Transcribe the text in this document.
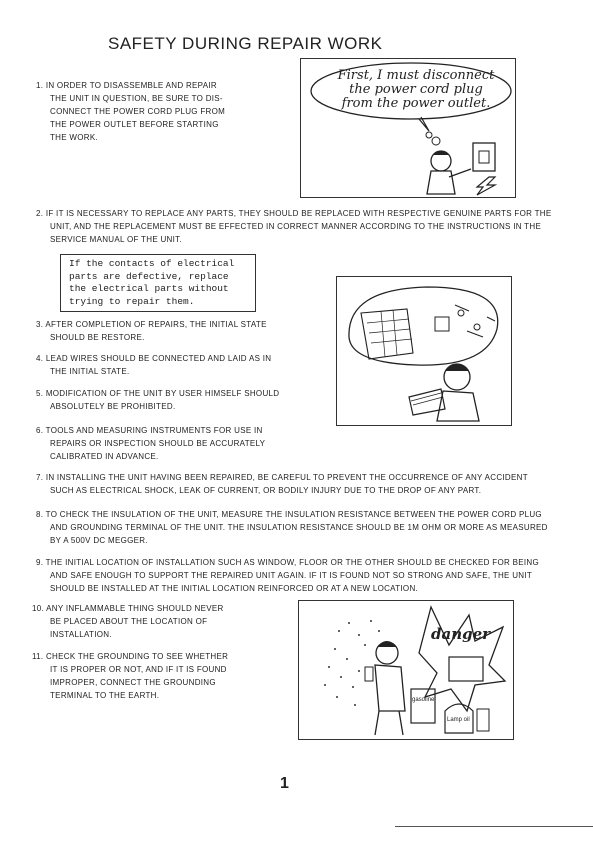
SAFETY DURING REPAIR WORK
1. IN ORDER TO DISASSEMBLE AND REPAIR
THE UNIT IN QUESTION, BE SURE TO DIS-
CONNECT THE POWER CORD PLUG FROM
THE POWER OUTLET BEFORE STARTING
THE WORK.
First, I must disconnect
the power cord plug
from the power outlet.
2. IF IT IS NECESSARY TO REPLACE ANY PARTS, THEY SHOULD BE REPLACED WITH RESPECTIVE GENUINE PARTS FOR THE
UNIT, AND THE REPLACEMENT MUST BE EFFECTED IN CORRECT MANNER ACCORDING TO THE INSTRUCTIONS IN THE
SERVICE MANUAL OF THE UNIT.
If the contacts of electrical
parts are defective, replace
the electrical parts without
trying to repair them.
3. AFTER COMPLETION OF REPAIRS, THE INITIAL STATE
SHOULD BE RESTORE.
4. LEAD WIRES SHOULD BE CONNECTED AND LAID AS IN
THE INITIAL STATE.
5. MODIFICATION OF THE UNIT BY USER HIMSELF SHOULD
ABSOLUTELY BE PROHIBITED.
6. TOOLS AND MEASURING INSTRUMENTS FOR USE IN
REPAIRS OR INSPECTION SHOULD BE ACCURATELY
CALIBRATED IN ADVANCE.
7. IN INSTALLING THE UNIT HAVING BEEN REPAIRED, BE CAREFUL TO PREVENT THE OCCURRENCE OF ANY ACCIDENT
SUCH AS ELECTRICAL SHOCK, LEAK OF CURRENT, OR BODILY INJURY DUE TO THE DROP OF ANY PART.
8. TO CHECK THE INSULATION OF THE UNIT, MEASURE THE INSULATION RESISTANCE BETWEEN THE POWER CORD PLUG
AND GROUNDING TERMINAL OF THE UNIT. THE INSULATION RESISTANCE SHOULD BE 1M OHM OR MORE AS MEASURED
BY A 500V DC MEGGER.
9. THE INITIAL LOCATION OF INSTALLATION SUCH AS WINDOW, FLOOR OR THE OTHER SHOULD BE CHECKED FOR BEING
AND SAFE ENOUGH TO SUPPORT THE REPAIRED UNIT AGAIN. IF IT IS FOUND NOT SO STRONG AND SAFE, THE UNIT
SHOULD BE INSTALLED AT THE INITIAL LOCATION REINFORCED OR AT A NEW LOCATION.
10. ANY INFLAMMABLE THING SHOULD NEVER
BE PLACED ABOUT THE LOCATION OF
INSTALLATION.
11. CHECK THE GROUNDING TO SEE WHETHER
IT IS PROPER OR NOT, AND IF IT IS FOUND
IMPROPER, CONNECT THE GROUNDING
TERMINAL TO THE EARTH.
danger
gasoline
Lamp oil
1
